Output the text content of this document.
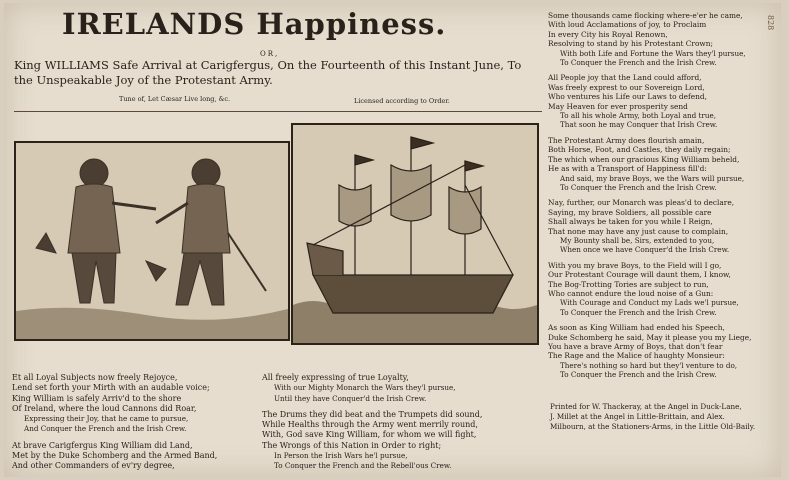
IRELANDS Happiness.
OR,
King WILLIAMS Safe Arrival at Carigfergus, On the Fourteenth of this Instant June, To the Unspeakable Joy of the Protestant Army.
Tune of, Let Cæsar Live long, &c.	Licensed according to Order.
828

Et all Loyal Subjects now freely Rejoyce,
Lend set forth your Mirth with an audable voice;
King William is safely Arriv'd to the shore
Of Ireland, where the loud Cannons did Roar,
Expressing their Joy, that he came to pursue,
And Conquer the French and the Irish Crew.

At brave Carigfergus King William did Land,
Met by the Duke Schomberg and the Armed Band,
And other Commanders of ev'ry degree,

All freely expressing of true Loyalty,
With our Mighty Monarch the Wars they'l pursue,
Until they have Conquer'd the Irish Crew.

The Drums they did beat and the Trumpets did sound,
While Healths through the Army went merrily round,
With, God save King William, for whom we will fight,
The Wrongs of this Nation in Order to right;
In Person the Irish Wars he'l pursue,
To Conquer the French and the Rebell'ous Crew.

Some thousands came flocking where-e'er he came,
With loud Acclamations of joy, to Proclaim
In every City his Royal Renown,
Resolving to stand by his Protestant Crown;
With both Life and Fortune the Wars they'l pursue,
To Conquer the French and the Irish Crew.

All People joy that the Land could afford,
Was freely exprest to our Sovereign Lord,
Who ventures his Life our Laws to defend,
May Heaven for ever prosperity send
To all his whole Army, both Loyal and true,
That soon he may Conquer that Irish Crew.

The Protestant Army does flourish amain,
Both Horse, Foot, and Castles, they daily regain;
The which when our gracious King William beheld,
He as with a Transport of Happiness fill'd:
And said, my brave Boys, we the Wars will pursue,
To Conquer the French and the Irish Crew.

Nay, further, our Monarch was pleas'd to declare,
Saying, my brave Soldiers, all possible care
Shall always be taken for you while I Reign,
That none may have any just cause to complain,
My Bounty shall be, Sirs, extended to you,
When once we have Conquer'd the Irish Crew.

With you my brave Boys, to the Field will I go,
Our Protestant Courage will daunt them, I know,
The Bog-Trotting Tories are subject to run,
Who cannot endure the loud noise of a Gun:
With Courage and Conduct my Lads we'l pursue,
To Conquer the French and the Irish Crew.

As soon as King William had ended his Speech,
Duke Schomberg he said, May it please you my Liege,
You have a brave Army of Boys, that don't fear
The Rage and the Malice of haughty Monsieur:
There's nothing so hard but they'l venture to do,
To Conquer the French and the Irish Crew.

Printed for W. Thackeray, at the Angel in Duck-Lane,
J. Millet at the Angel in Little-Brittain, and Alex.
Milbourn, at the Stationers-Arms, in the Little Old-Baily.
